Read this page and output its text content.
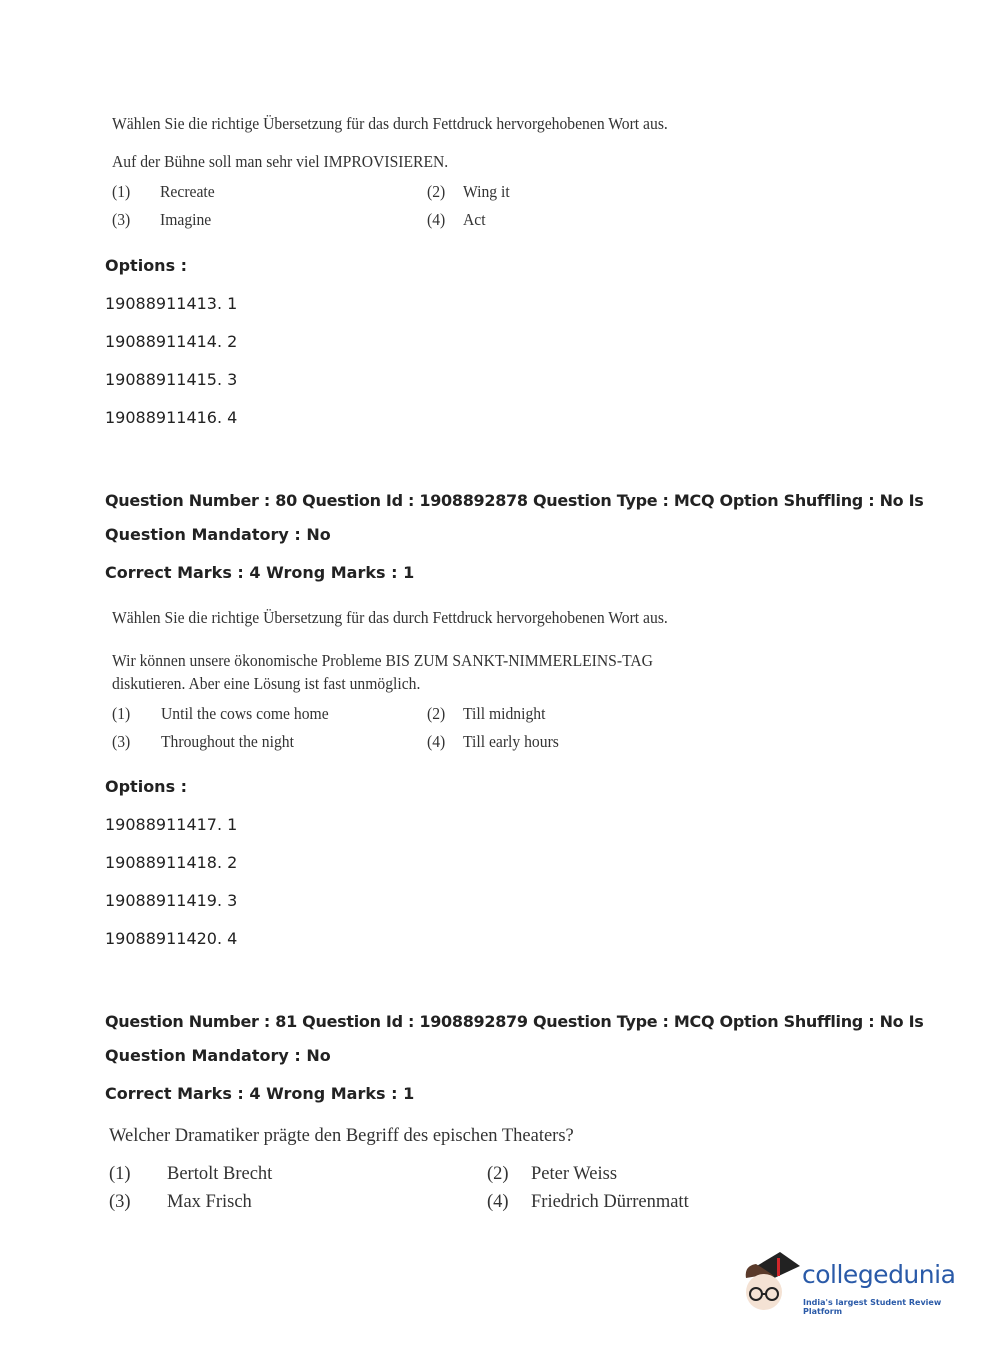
Wählen Sie die richtige Übersetzung für das durch Fettdruck hervorgehobenen Wort aus.
Auf der Bühne soll man sehr viel IMPROVISIEREN.
(1) Recreate	(2) Wing it
(3) Imagine	(4) Act
Options :
19088911413. 1
19088911414. 2
19088911415. 3
19088911416. 4
Question Number : 80 Question Id : 1908892878 Question Type : MCQ Option Shuffling : No Is
Question Mandatory : No
Correct Marks : 4 Wrong Marks : 1
Wählen Sie die richtige Übersetzung für das durch Fettdruck hervorgehobenen Wort aus.
Wir können unsere ökonomische Probleme BIS ZUM SANKT-NIMMERLEINS-TAG
diskutieren. Aber eine Lösung ist fast unmöglich.
(1) Until the cows come home	(2) Till midnight
(3) Throughout the night	(4) Till early hours
Options :
19088911417. 1
19088911418. 2
19088911419. 3
19088911420. 4
Question Number : 81 Question Id : 1908892879 Question Type : MCQ Option Shuffling : No Is
Question Mandatory : No
Correct Marks : 4 Wrong Marks : 1
Welcher Dramatiker prägte den Begriff des epischen Theaters?
(1) Bertolt Brecht	(2) Peter Weiss
(3) Max Frisch	(4) Friedrich Dürrenmatt
collegedunia
India's largest Student Review Platform
